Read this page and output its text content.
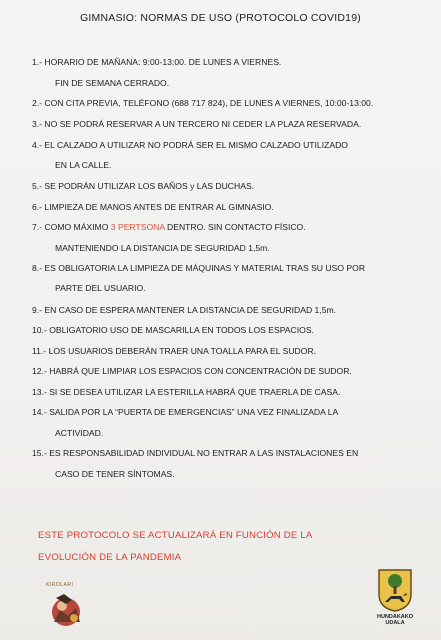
GIMNASIO: NORMAS DE USO (PROTOCOLO COVID19)
1.- HORARIO DE MAÑANA: 9:00-13:00. DE LUNES A VIERNES.
FIN DE SEMANA CERRADO.
2.- CON CITA PREVIA, TELÉFONO (688 717 824), DE LUNES A VIERNES, 10:00-13:00.
3.- NO SE PODRÁ RESERVAR A UN TERCERO NI CEDER LA PLAZA RESERVADA.
4.- EL CALZADO A UTILIZAR NO PODRÁ SER EL MISMO CALZADO UTILIZADO
EN LA CALLE.
5.- SE PODRÁN UTILIZAR LOS BAÑOS y LAS DUCHAS.
6.- LIMPIEZA DE MANOS ANTES DE ENTRAR AL GIMNASIO.
7.- COMO MÁXIMO 3 PERTSONA DENTRO. SIN CONTACTO FÍSICO.
MANTENIENDO LA DISTANCIA DE SEGURIDAD 1,5m.
8.- ES OBLIGATORIA LA LIMPIEZA DE MÁQUINAS Y MATERIAL TRAS SU USO POR
PARTE DEL USUARIO.
9.- EN CASO DE ESPERA MANTENER LA DISTANCIA DE SEGURIDAD 1,5m.
10.- OBLIGATORIO USO DE MASCARILLA EN TODOS LOS ESPACIOS.
11.- LOS USUARIOS DEBERÁN TRAER UNA TOALLA PARA EL SUDOR.
12.- HABRÁ QUE LIMPIAR LOS ESPACIOS CON CONCENTRACIÓN DE SUDOR.
13.- SI SE DESEA UTILIZAR LA ESTERILLA HABRÁ QUE TRAERLA DE CASA.
14.- SALIDA POR LA “PUERTA DE EMERGENCIAS” UNA VEZ FINALIZADA LA
ACTIVIDAD.
15.- ES RESPONSABILIDAD INDIVIDUAL NO ENTRAR A LAS INSTALACIONES EN
CASO DE TENER SÍNTOMAS.
ESTE PROTOCOLO SE ACTUALIZARÁ EN FUNCIÓN DE LA
EVOLUCIÓN DE LA PANDEMIA
KIROLARI
HUNDAKAKO
UDALA
